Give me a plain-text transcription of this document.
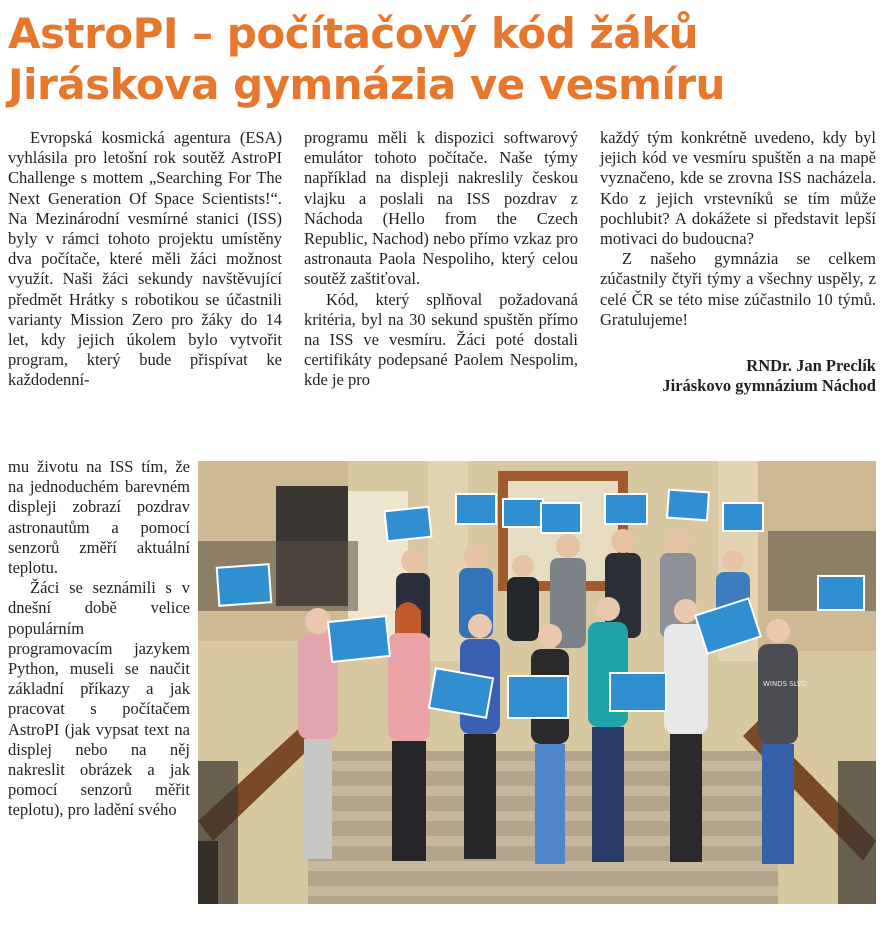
AstroPI – počítačový kód žáků
Jiráskova gymnázia ve vesmíru

Evropská kosmická agentura (ESA) vyhlásila pro letošní rok soutěž AstroPI Challenge s mottem „Searching For The Next Generation Of Space Scientists!“. Na Mezinárodní vesmírné stanici (ISS) byly v rámci tohoto projektu umístěny dva počítače, které měli žáci možnost využít. Naši žáci sekundy navštěvující předmět Hrátky s robotikou se účastnili varianty Mission Zero pro žáky do 14 let, kdy jejich úkolem bylo vytvořit program, který bude přispívat ke každodenní-

mu životu na ISS tím, že na jednoduchém barevném displeji zobrazí pozdrav astronautům a pomocí senzorů změří aktuální teplotu.

Žáci se seznámili s v dnešní době velice populárním programovacím jazykem Python, museli se naučit základní příkazy a jak pracovat s počítačem AstroPI (jak vypsat text na displej nebo na něj nakreslit obrázek a jak pomocí senzorů měřit teplotu), pro ladění svého

programu měli k dispozici softwarový emulátor tohoto počítače. Naše týmy například na displeji nakreslily českou vlajku a poslali na ISS pozdrav z Náchoda (Hello from the Czech Republic, Nachod) nebo přímo vzkaz pro astronauta Paola Nespoliho, který celou soutěž zaštiťoval.

Kód, který splňoval požadovaná kritéria, byl na 30 sekund spuštěn přímo na ISS ve vesmíru. Žáci poté dostali certifikáty podepsané Paolem Nespolim, kde je pro

každý tým konkrétně uvedeno, kdy byl jejich kód ve vesmíru spuštěn a na mapě vyznačeno, kde se zrovna ISS nacházela. Kdo z jejich vrstevníků se tím může pochlubit? A dokážete si představit lepší motivaci do budoucna?

Z našeho gymnázia se celkem zúčastnily čtyři týmy a všechny uspěly, z celé ČR se této mise zúčastnilo 10 týmů. Gratulujeme!

RNDr. Jan Preclík
Jiráskovo gymnázium Náchod
WINDS SLVD
